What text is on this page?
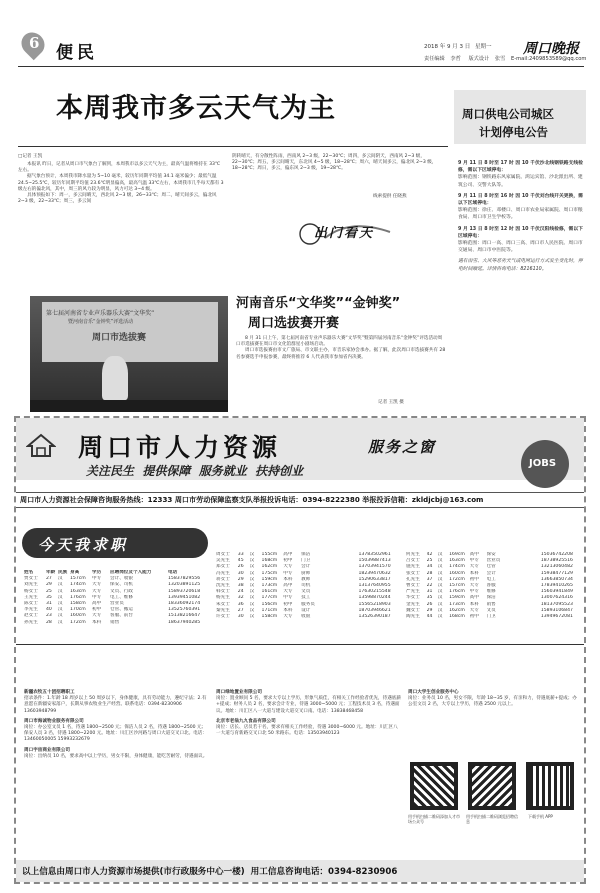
6 便民	2018 年 9 月 3 日 星期一 周口晚报
责任编辑 李哲 版式设计 张雪 E-mail:2409853589@qq.com
本周我市多云天气为主
□记者 王凯

本报讯 昨日，记者从周口市气象台了解到，本周我市以多云天气为主，最高气温将维持在 33℃左右。

据气象台预计，本周我市降水量为 5~10 毫米，较历年同期平均值 34.1 毫米偏少；最低气温 24.5~25.5℃，较历年同期平均值 23.6℃明显偏高，最高气温 33℃左右，本周我市几乎每天都有 3 级左右的偏北风，其中，周三的风力较为明显，风力可达 3~4 级。

具体预报如下：周一，多云间晴天，西北风 2~3 级，26~33℃；周二，晴天间多云，偏北风 2~3 级，22~33℃；周三，多云间

阴转晴天，有分散性阵雨，西南风 2~3 级，22~30℃；周四，多云间阴天，西南风 2~3 级，22~30℃；周五，多云间晴天，东北风 4~5 级，18~28℃；周六，晴天间多云，偏北风 2~3 级，18~28℃；周日，多云，偏东风 2~3 级，19~28℃。

线索提供 任晓燕
出门看天
周口供电公司城区
计划停电公告

9 月 11 日 8 时至 17 时 因 10 千伏沙北线钢铁路支线检修，需以下区域停电：

影响范围：钢铁路东风家属院、鸿运宾馆、沙北派出所、建筑公司、交警大队等。

9 月 11 日 8 时至 16 时 因 10 千伏刘台线开关更换，需以下区域停电：

影响范围：徐庄、邓楼口、周口市农业局家属院、周口市粮食局、周口市卫生学校等。

9 月 13 日 8 时至 12 时 因 10 千伏汉阳线检修，需以下区域停电：

影响范围：周口一高、周口三高、周口市人民医院、周口市交通局、周口市中医院等。

遇有雨雪、大风等恶劣天气或电网运行方式发生变化时，停电时间顺延。详情咨询电话：8216110。

第七届河南省专业声乐器乐大赛“文华奖”
暨河南音乐“金钟奖”评选活动
周口市选拔赛
河南音乐“文华奖”“金钟奖”
周口选拔赛开赛

8 月 31 日上午，第七届河南省专业声乐器乐大赛“文华奖”暨第四届河南音乐“金钟奖”评选活动周口市选拔赛在周口市文化馆群星小剧场启动。

周口市选拔赛由市文广旅局、市文联主办，市音乐家协会承办。据了解，此次周口市选拔赛共有 28 名参赛选手申报参赛，最终将推荐 6 人代表我市参加省内决赛。

记者 王凯 摄
周口市人力资源	服务之窗
关注民生  提供保障  服务就业  扶持创业
JOBS
周口市人力资源社会保障咨询服务热线：12333 周口市劳动保障监察支队举报投诉电话：0394-8222380 举报投诉信箱：zkldjcbj@163.com
今天我求职
姓名	年龄 民族 身高	学历	应聘岗位及个人能力	电话
贾女士	27	汉	157cm	中专	会计、收银	15837829556
刘先生	29	汉	174cm	大专	保安、司机	13203891125
杨女士	25	汉	163cm	大专	文员、行政	15893720618
王先生	35	汉	176cm	中专	电工、维修	13939451082
陈女士	31	汉	158cm	高中	营业员	18336092174
李先生	40	汉	170cm	初中	仓管、搬运	13525760391
赵女士	23	汉	160cm	大专	客服、前台	15138216647
孙先生	28	汉	172cm	本科	销售	18637940285
周女士	33	汉	155cm	高中	保洁	13783502961
吴先生	45	汉	168cm	初中	门卫	15039887413
郑女士	26	汉	162cm	大专	会计	13703941570
冯先生	30	汉	175cm	中专	厨师	18239470632
蒋女士	29	汉	159cm	本科	教师	15290633817
沈先生	38	汉	173cm	高中	司机	13137640955
韩女士	24	汉	161cm	大专	文员	17630215548
杨先生	32	汉	177cm	中专	技工	13598870244
朱女士	36	汉	156cm	初中	服务员	15565218903
秦先生	27	汉	171cm	本科	设计	18703946621
许女士	30	汉	158cm	大专	收银	13526390187
何先生	42	汉	169cm	高中	保安	15036742208
吕女士	25	汉	163cm	中专	营业员	18738925516
施先生	34	汉	174cm	大专	仓管	13213060482
张女士	28	汉	160cm	本科	会计	15938477129
孔先生	37	汉	172cm	初中	电工	13663850734
曹女士	22	汉	157cm	大专	客服	17839410265
严先生	31	汉	176cm	中专	维修	15603941849
华女士	35	汉	159cm	高中	保洁	13007624316
金先生	26	汉	173cm	本科	销售	18137095523
魏女士	29	汉	162cm	大专	文员	15893106847
陶先生	44	汉	168cm	初中	门卫	13949672081

新疆农牧五十团招聘职工

招录条件：1.年龄 18 周岁以上 50 周岁以下，身体健康，具有劳动能力，遵纪守法；2.有意愿在新疆安家落户，长期从事农牧业生产经营。联系电话：0394-8230906 13603948799

周口市海诚物业服务有限公司

岗位：办公室文员 1 名，待遇 1800~2500 元；保洁人员 2 名，待遇 1800~2500 元；保安人员 3 名，待遇 1800~2200 元。地址：川汇区沙河路与周口大道交叉口北。电话：13460050005 15993232679

周口宇宙商业有限公司

岗位：出纳员 10 名，要求高中以上学历，男女不限，身体健康，能吃苦耐劳，待遇面议。

周口绿地置业有限公司

岗位：置业顾问 5 名，要求大专以上学历，形象气质佳，有相关工作经验者优先，待遇底薪+提成；财务人员 2 名，要求会计专业，待遇 3000~5000 元；工程技术员 3 名，待遇面议。地址：川汇区八一大道与建设大道交叉口南。电话：13838468458

北京市老翁九九食品有限公司

岗位：店长、店员若干名，要求有相关工作经验，待遇 3000~6000 元。地址：川汇区八一大道与育新路交叉口北 50 米路东。电话：13503940123

周口大学生创业服务中心

岗位：业务员 10 名，男女不限，年龄 18~35 岁，有亲和力，待遇底薪+提成；办公室文员 2 名，大专以上学历，待遇 2500 元以上。

用手机扫描二维码添加人才市场公众号
用手机扫描二维码浏览招聘信息
下载手机 APP
以上信息由周口市人力资源市场提供(市行政服务中心一楼)  用工信息咨询电话：0394-8230906
